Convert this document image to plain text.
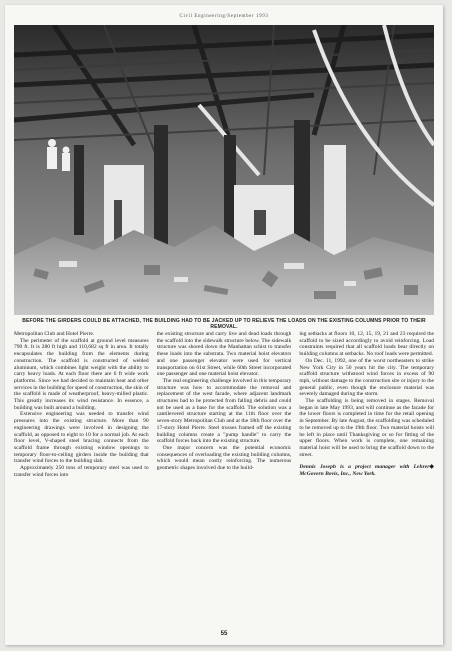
Civil Engineering/September 1993
BEFORE THE GIRDERS COULD BE ATTACHED, THE BUILDING HAD TO BE JACKED UP TO RELIEVE THE LOADS ON THE EXISTING COLUMNS PRIOR TO THEIR REMOVAL.

Metropolitan Club and Hotel Pierre.

The perimeter of the scaffold at ground level measures 790 ft. It is 280 ft high and 110,682 sq ft in area. It totally encapsulates the building from the elements during construction. The scaffold is constructed of welded aluminum, which combines light weight with the ability to carry heavy loads. At each floor there are 6 ft wide work platforms. Since we had decided to maintain heat and other services in the building for speed of construction, the skin of the scaffold is made of weatherproof, heavy-milled plastic. This greatly increases its wind resistance. In essence, a building was built around a building.

Extensive engineering was needed to transfer wind pressures into the existing structure. More than 90 engineering drawings were involved in designing the scaffold, as opposed to eight to 10 for a normal job. At each floor level, V-shaped steel bracing connects from the scaffold frame through existing window openings to temporary floor-to-ceiling girders inside the building that transfer wind forces to the building slab.

Approximately 250 tons of temporary steel was used to transfer wind forces into

the existing structure and carry live and dead loads through the scaffold into the sidewalk structure below. The sidewalk structure was shored down the Manhattan schist to transfer these loads into the substrata. Two material hoist elevators and one passenger elevator were used for vertical transportation on 61st Street, while 60th Street incorporated one passenger and one material hoist elevator.

The real engineering challenge involved in this temporary structure was how to accommodate the removal and replacement of the west facade, where adjacent landmark structures had to be protected from falling debris and could not be used as a base for the scaffold. The solution was a cantilevered structure starting at the 11th floor over the seven-story Metropolitan Club and at the 18th floor over the 17-story Hotel Pierre. Steel trusses framed off the existing building columns create a "pump handle" to carry the scaffold forces back into the existing structure.

One major concern was the potential economic consequences of overloading the existing building columns, which would mean costly reinforcing. The numerous geometric shapes involved due to the build-

ing setbacks at floors 10, 12, 15, 19, 21 and 23 required the scaffold to be sized accordingly to avoid reinforcing. Load constraints required that all scaffold loads bear directly on building columns at setbacks. No roof loads were permitted.

On Dec. 11, 1992, one of the worst northeasters to strike New York City in 50 years hit the city. The temporary scaffold structure withstood wind forces in excess of 90 mph, without damage to the construction site or injury to the general public, even though the enclosure material was severely damaged during the storm.

The scaffolding is being removed in stages. Removal began in late May 1993, and will continue as the facade for the lower floors is completed in time for the retail opening in September. By late August, the scaffolding was scheduled to be removed up to the 19th floor. Two material hoists will be left in place until Thanksgiving or so for fitting of the upper floors. When work is complete, one remaining material hoist will be used to bring the scaffold down to the street.

◆
Dennis Joseph is a project manager with Lehrer McGovern Bovis, Inc., New York.

55
